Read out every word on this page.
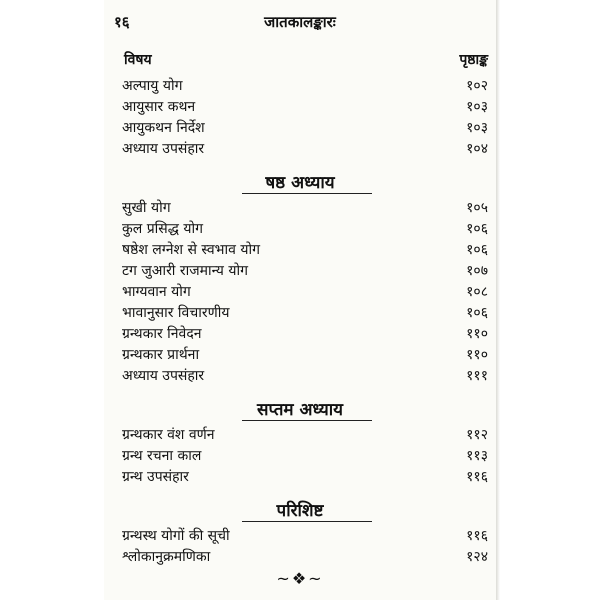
१६	जातकालङ्कारः
विषय	पृष्ठाङ्क
अल्पायु योग	१०२
आयुसार कथन	१०३
आयुकथन निर्देश	१०३
अध्याय उपसंहार	१०४
षष्ठ अध्याय
सुखी योग	१०५
कुल प्रसिद्ध योग	१०६
षष्ठेश लग्नेश से स्वभाव योग	१०६
टग जुआरी राजमान्य योग	१०७
भाग्यवान योग	१०८
भावानुसार विचारणीय	१०६
ग्रन्थकार निवेदन	११०
ग्रन्थकार प्रार्थना	११०
अध्याय उपसंहार	१११
सप्तम अध्याय
ग्रन्थकार वंश वर्णन	११२
ग्रन्थ रचना काल	११३
ग्रन्थ उपसंहार	११६
परिशिष्ट
ग्रन्थस्थ योगों की सूची	११६
श्लोकानुक्रमणिका	१२४
~❖~
